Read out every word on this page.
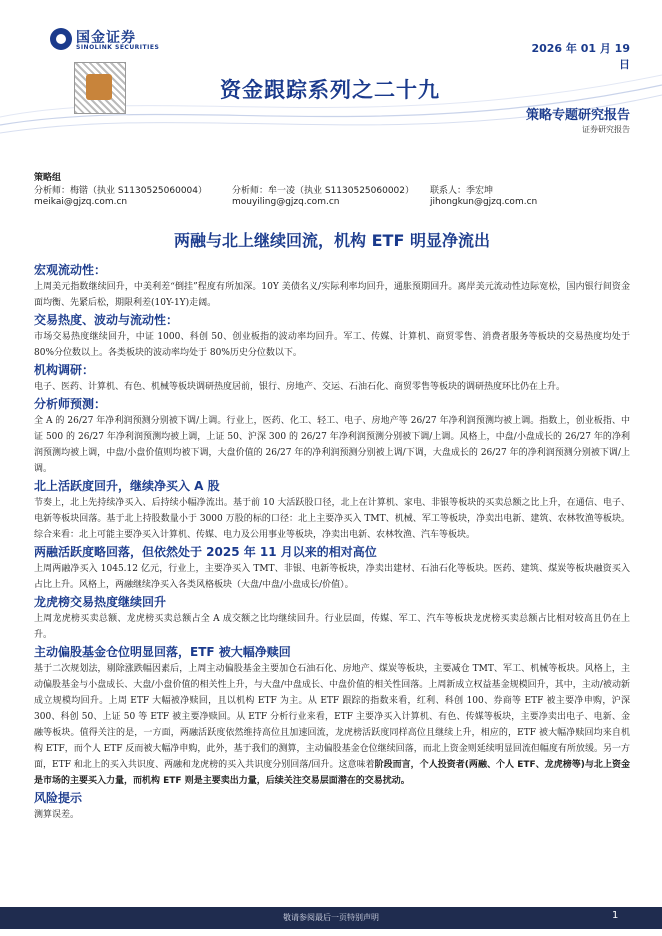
国金证券
SINOLINK SECURITIES	2026 年 01 月 19 日
资金跟踪系列之二十九
策略专题研究报告
证券研究报告
策略组
分析师：梅锴（执业 S1130525060004）
meikai@gjzq.com.cn
分析师：牟一凌（执业 S1130525060002）
mouyiling@gjzq.com.cn
联系人：季宏坤
jihongkun@gjzq.com.cn
两融与北上继续回流，机构 ETF 明显净流出

宏观流动性：

上周美元指数继续回升，中美利差“倒挂”程度有所加深。10Y 美债名义/实际利率均回升，通胀预期回升。离岸美元流动性边际宽松，国内银行间资金面均衡、先紧后松，期限利差(10Y-1Y)走阔。

交易热度、波动与流动性：

市场交易热度继续回升，中证 1000、科创 50、创业板指的波动率均回升。军工、传媒、计算机、商贸零售、消费者服务等板块的交易热度均处于 80%分位数以上。各类板块的波动率均处于 80%历史分位数以下。

机构调研：

电子、医药、计算机、有色、机械等板块调研热度居前，银行、房地产、交运、石油石化、商贸零售等板块的调研热度环比仍在上升。

分析师预测：

全 A 的 26/27 年净利润预测分别被下调/上调。行业上，医药、化工、轻工、电子、房地产等 26/27 年净利润预测均被上调。指数上，创业板指、中证 500 的 26/27 年净利润预测均被上调，上证 50、沪深 300 的 26/27 年净利润预测分别被下调/上调。风格上，中盘/小盘成长的 26/27 年的净利润预测均被上调，中盘/小盘价值则均被下调，大盘价值的 26/27 年的净利润预测分别被上调/下调，大盘成长的 26/27 年的净利润预测分别被下调/上调。

北上活跃度回升，继续净买入 A 股

节奏上，北上先持续净买入、后持续小幅净流出。基于前 10 大活跃股口径，北上在计算机、家电、非银等板块的买卖总额之比上升，在通信、电子、电新等板块回落。基于北上持股数量小于 3000 万股的标的口径：北上主要净买入 TMT、机械、军工等板块，净卖出电新、建筑、农林牧渔等板块。综合来看：北上可能主要净买入计算机、传媒、电力及公用事业等板块，净卖出电新、农林牧渔、汽车等板块。

两融活跃度略回落，但依然处于 2025 年 11 月以来的相对高位

上周两融净买入 1045.12 亿元，行业上，主要净买入 TMT、非银、电新等板块，净卖出建材、石油石化等板块。医药、建筑、煤炭等板块融资买入占比上升。风格上，两融继续净买入各类风格板块（大盘/中盘/小盘成长/价值）。

龙虎榜交易热度继续回升

上周龙虎榜买卖总额、龙虎榜买卖总额占全 A 成交额之比均继续回升。行业层面，传媒、军工、汽车等板块龙虎榜买卖总额占比相对较高且仍在上升。

主动偏股基金仓位明显回落，ETF 被大幅净赎回

基于二次规划法，剔除涨跌幅因素后，上周主动偏股基金主要加仓石油石化、房地产、煤炭等板块，主要减仓 TMT、军工、机械等板块。风格上，主动偏股基金与小盘成长、大盘/小盘价值的相关性上升，与大盘/中盘成长、中盘价值的相关性回落。上周新成立权益基金规模回升，其中，主动/被动新成立规模均回升。上周 ETF 大幅被净赎回，且以机构 ETF 为主。从 ETF 跟踪的指数来看，红利、科创 100、券商等 ETF 被主要净申购，沪深 300、科创 50、上证 50 等 ETF 被主要净赎回。从 ETF 分析行业来看，ETF 主要净买入计算机、有色、传媒等板块，主要净卖出电子、电新、金融等板块。值得关注的是，一方面，两融活跃度依然维持高位且加速回流，龙虎榜活跃度同样高位且继续上升，相应的，ETF 被大幅净赎回均来自机构 ETF，而个人 ETF 反而被大幅净申购，此外，基于我们的测算，主动偏股基金仓位继续回落，而北上资金则延续明显回流但幅度有所放缓。另一方面，ETF 和北上的买入共识度、两融和龙虎榜的买入共识度分别回落/回升。这意味着阶段而言，个人投资者(两融、个人 ETF、龙虎榜等)与北上资金是市场的主要买入力量，而机构 ETF 则是主要卖出力量，后续关注交易层面潜在的交易扰动。

风险提示

测算误差。

敬请参阅最后一页特别声明	1
